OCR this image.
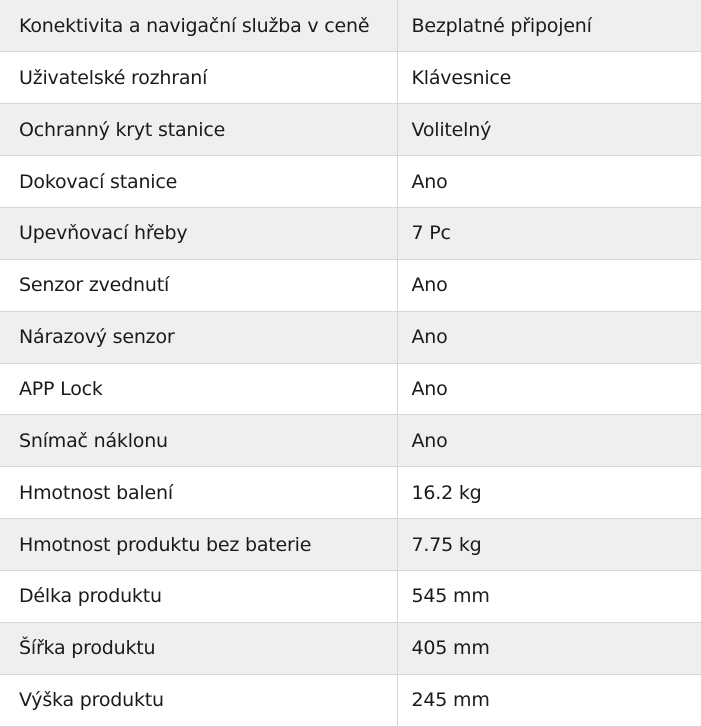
Konektivita a navigační služba v ceně	Bezplatné připojení
Uživatelské rozhraní	Klávesnice
Ochranný kryt stanice	Volitelný
Dokovací stanice	Ano
Upevňovací hřeby	7 Pc
Senzor zvednutí	Ano
Nárazový senzor	Ano
APP Lock	Ano
Snímač náklonu	Ano
Hmotnost balení	16.2 kg
Hmotnost produktu bez baterie	7.75 kg
Délka produktu	545 mm
Šířka produktu	405 mm
Výška produktu	245 mm
